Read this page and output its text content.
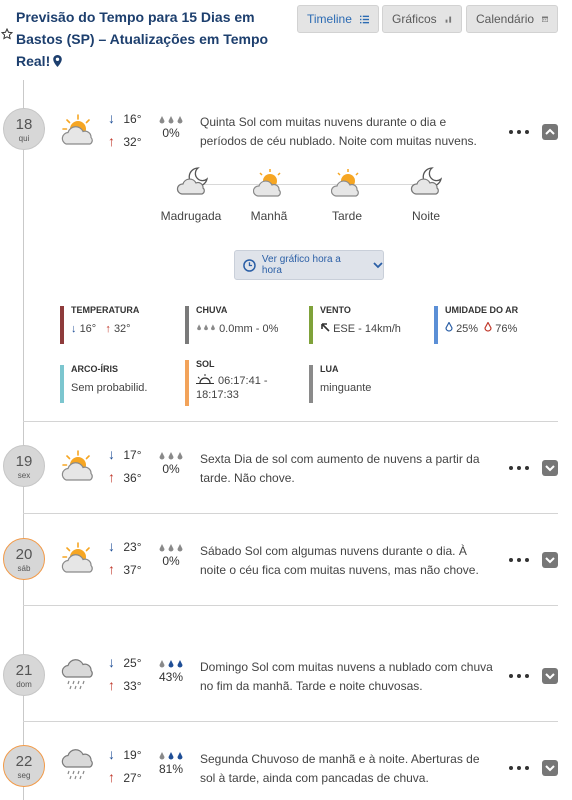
Previsão do Tempo para 15 Dias em Bastos (SP) – Atualizações em Tempo Real!
Timeline	Gráficos	Calendário
18
qui
↓ 16°
↑ 32°
0%
Quinta Sol com muitas nuvens durante o dia e períodos de céu nublado. Noite com muitas nuvens.
Madrugada	Manhã	Tarde	Noite
Ver gráfico hora a hora
TEMPERATURA
↓ 16° ↑ 32°
CHUVA
0.0mm - 0%
VENTO
ESE - 14km/h
UMIDADE DO AR
25% 76%
ARCO-ÍRIS
Sem probabilid.
SOL
06:17:41 -
18:17:33
LUA
minguante
19
sex
↓ 17°
↑ 36°
0%
Sexta Dia de sol com aumento de nuvens a partir da tarde. Não chove.
20
sáb
↓ 23°
↑ 37°
0%
Sábado Sol com algumas nuvens durante o dia. À noite o céu fica com muitas nuvens, mas não chove.
21
dom
↓ 25°
↑ 33°
43%
Domingo Sol com muitas nuvens a nublado com chuva no fim da manhã. Tarde e noite chuvosas.
22
seg
↓ 19°
↑ 27°
81%
Segunda Chuvoso de manhã e à noite. Aberturas de sol à tarde, ainda com pancadas de chuva.
